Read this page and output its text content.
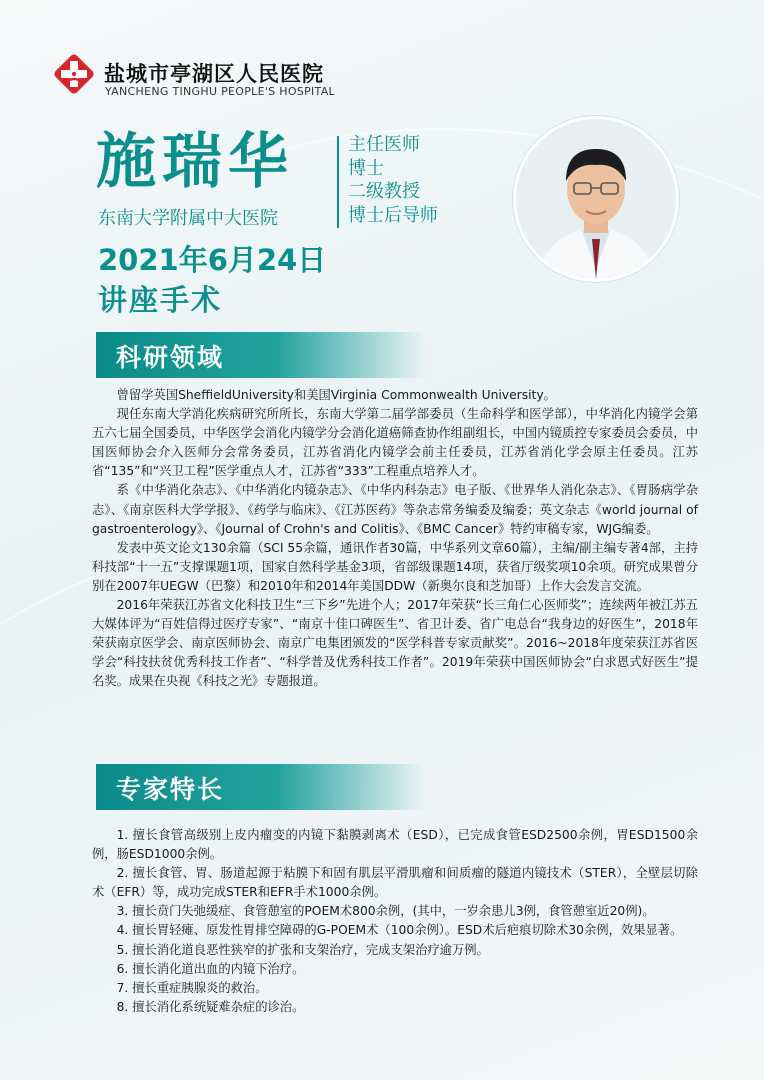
盐城市亭湖区人民医院
YANCHENG TINGHU PEOPLE'S HOSPITAL
施瑞华
东南大学附属中大医院
主任医师
博士
二级教授
博士后导师
2021年6月24日
讲座手术
科研领域

曾留学英国SheffieldUniversity和美国Virginia Commonwealth University。

现任东南大学消化疾病研究所所长，东南大学第二届学部委员（生命科学和医学部），中华消化内镜学会第五六七届全国委员，中华医学会消化内镜学分会消化道癌筛查协作组副组长，中国内镜质控专家委员会委员，中国医师协会介入医师分会常务委员，江苏省消化内镜学会前主任委员，江苏省消化学会原主任委员。江苏省“135”和“兴卫工程”医学重点人才，江苏省“333”工程重点培养人才。

系《中华消化杂志》、《中华消化内镜杂志》、《中华内科杂志》电子版、《世界华人消化杂志》、《胃肠病学杂志》、《南京医科大学学报》、《药学与临床》、《江苏医药》等杂志常务编委及编委；英文杂志《world journal of gastroenterology》、《Journal of Crohn's and Colitis》、《BMC Cancer》特约审稿专家，WJG编委。

发表中英文论文130余篇（SCI 55余篇，通讯作者30篇，中华系列文章60篇），主编/副主编专著4部，主持科技部“十一五”支撑课题1项，国家自然科学基金3项，省部级课题14项，获省厅级奖项10余项。研究成果曾分别在2007年UEGW（巴黎）和2010年和2014年美国DDW（新奥尔良和芝加哥）上作大会发言交流。

2016年荣获江苏省文化科技卫生“三下乡”先进个人；2017年荣获“长三角仁心医师奖”；连续两年被江苏五大媒体评为“百姓信得过医疗专家”、“南京十佳口碑医生”、省卫计委、省广电总台“我身边的好医生”，2018年荣获南京医学会、南京医师协会、南京广电集团颁发的“医学科普专家贡献奖”。2016~2018年度荣获江苏省医学会“科技扶贫优秀科技工作者”、“科学普及优秀科技工作者”。2019年荣获中国医师协会“白求恩式好医生”提名奖。成果在央视《科技之光》专题报道。

专家特长

1. 擅长食管高级别上皮内瘤变的内镜下黏膜剥离术（ESD），已完成食管ESD2500余例，胃ESD1500余例，肠ESD1000余例。

2. 擅长食管、胃、肠道起源于粘膜下和固有肌层平滑肌瘤和间质瘤的隧道内镜技术（STER），全壁层切除术（EFR）等，成功完成STER和EFR手术1000余例。

3. 擅长贲门失弛缓症、食管憩室的POEM术800余例，(其中，一岁余患儿3例，食管憩室近20例)。

4. 擅长胃轻瘫、原发性胃排空障碍的G-POEM术（100余例）。ESD术后疤痕切除术30余例，效果显著。

5. 擅长消化道良恶性狭窄的扩张和支架治疗，完成支架治疗逾万例。

6. 擅长消化道出血的内镜下治疗。

7. 擅长重症胰腺炎的救治。

8. 擅长消化系统疑难杂症的诊治。
